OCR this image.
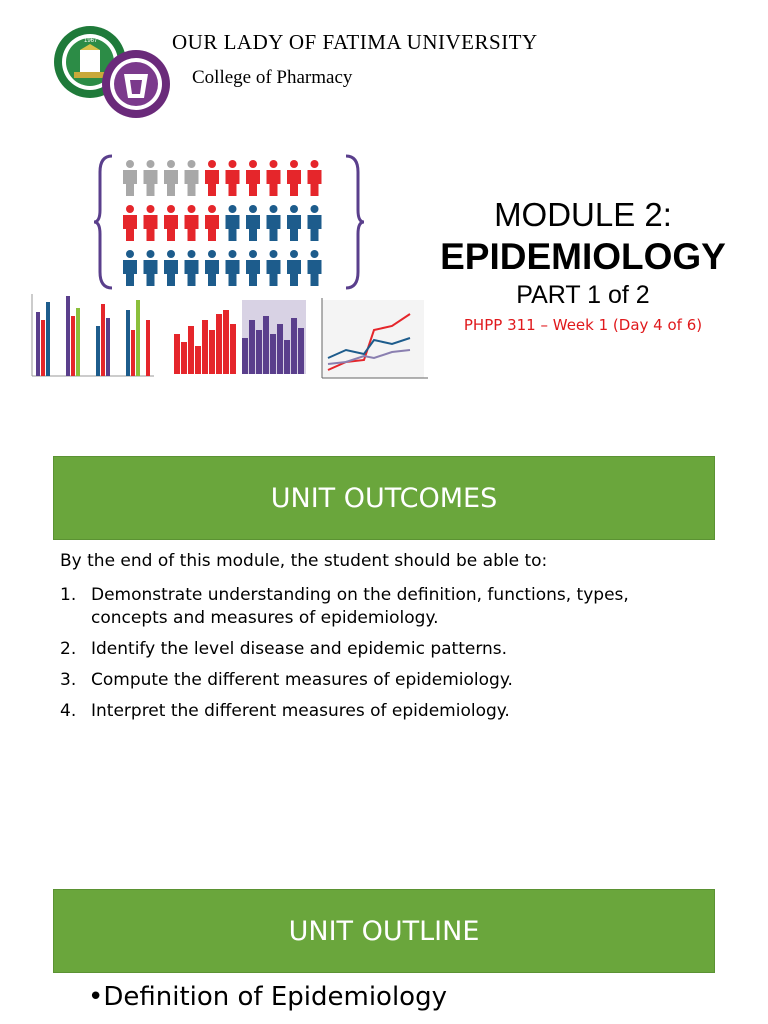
1967	OUR LADY OF FATIMA UNIVERSITY
College of Pharmacy
MODULE 2:
EPIDEMIOLOGY
PART 1 of 2
PHPP 311 – Week 1 (Day 4 of 6)
UNIT OUTCOMES
By the end of this module, the student should be able to:
1. Demonstrate understanding on the definition, functions, types, concepts and measures of epidemiology.
2. Identify the level disease and epidemic patterns.
3. Compute the different measures of epidemiology.
4. Interpret the different measures of epidemiology.
UNIT OUTLINE
•Definition of Epidemiology
